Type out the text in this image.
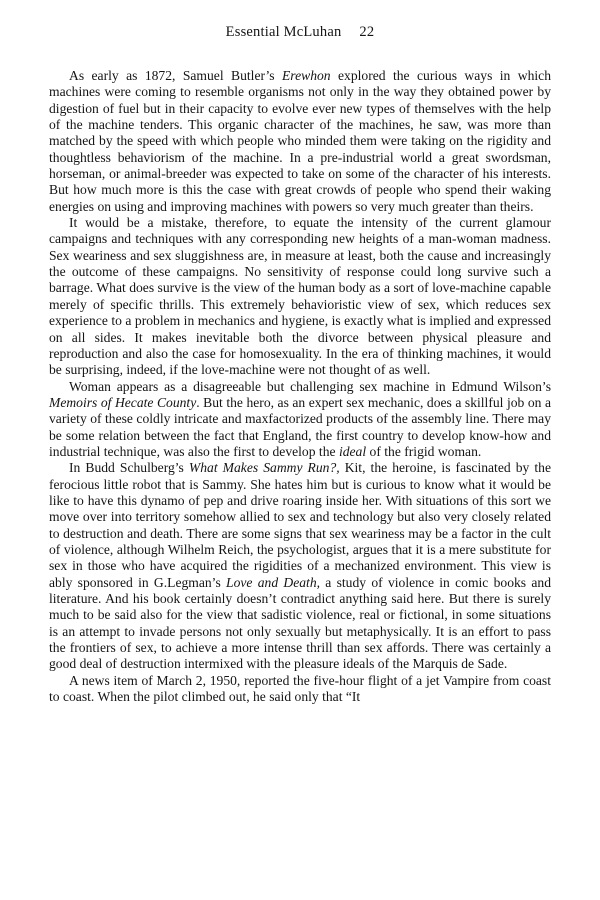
Essential McLuhan 22

As early as 1872, Samuel Butler’s Erewhon explored the curious ways in which machines were coming to resemble organisms not only in the way they obtained power by digestion of fuel but in their capacity to evolve ever new types of themselves with the help of the machine tenders. This organic character of the machines, he saw, was more than matched by the speed with which people who minded them were taking on the rigidity and thoughtless behaviorism of the machine. In a pre-industrial world a great swordsman, horseman, or animal-breeder was expected to take on some of the character of his interests. But how much more is this the case with great crowds of people who spend their waking energies on using and improving machines with powers so very much greater than theirs.

It would be a mistake, therefore, to equate the intensity of the current glamour campaigns and techniques with any corresponding new heights of a man-woman madness. Sex weariness and sex sluggishness are, in measure at least, both the cause and increasingly the outcome of these campaigns. No sensitivity of response could long survive such a barrage. What does survive is the view of the human body as a sort of love-machine capable merely of specific thrills. This extremely behavioristic view of sex, which reduces sex experience to a problem in mechanics and hygiene, is exactly what is implied and expressed on all sides. It makes inevitable both the divorce between physical pleasure and reproduction and also the case for homosexuality. In the era of thinking machines, it would be surprising, indeed, if the love-machine were not thought of as well.

Woman appears as a disagreeable but challenging sex machine in Edmund Wilson’s Memoirs of Hecate County. But the hero, as an expert sex mechanic, does a skillful job on a variety of these coldly intricate and maxfactorized products of the assembly line. There may be some relation between the fact that England, the first country to develop know-how and industrial technique, was also the first to develop the ideal of the frigid woman.

In Budd Schulberg’s What Makes Sammy Run?, Kit, the heroine, is fascinated by the ferocious little robot that is Sammy. She hates him but is curious to know what it would be like to have this dynamo of pep and drive roaring inside her. With situations of this sort we move over into territory somehow allied to sex and technology but also very closely related to destruction and death. There are some signs that sex weariness may be a factor in the cult of violence, although Wilhelm Reich, the psychologist, argues that it is a mere substitute for sex in those who have acquired the rigidities of a mechanized environment. This view is ably sponsored in G.Legman’s Love and Death, a study of violence in comic books and literature. And his book certainly doesn’t contradict anything said here. But there is surely much to be said also for the view that sadistic violence, real or fictional, in some situations is an attempt to invade persons not only sexually but metaphysically. It is an effort to pass the frontiers of sex, to achieve a more intense thrill than sex affords. There was certainly a good deal of destruction intermixed with the pleasure ideals of the Marquis de Sade.

A news item of March 2, 1950, reported the five-hour flight of a jet Vampire from coast to coast. When the pilot climbed out, he said only that “It
